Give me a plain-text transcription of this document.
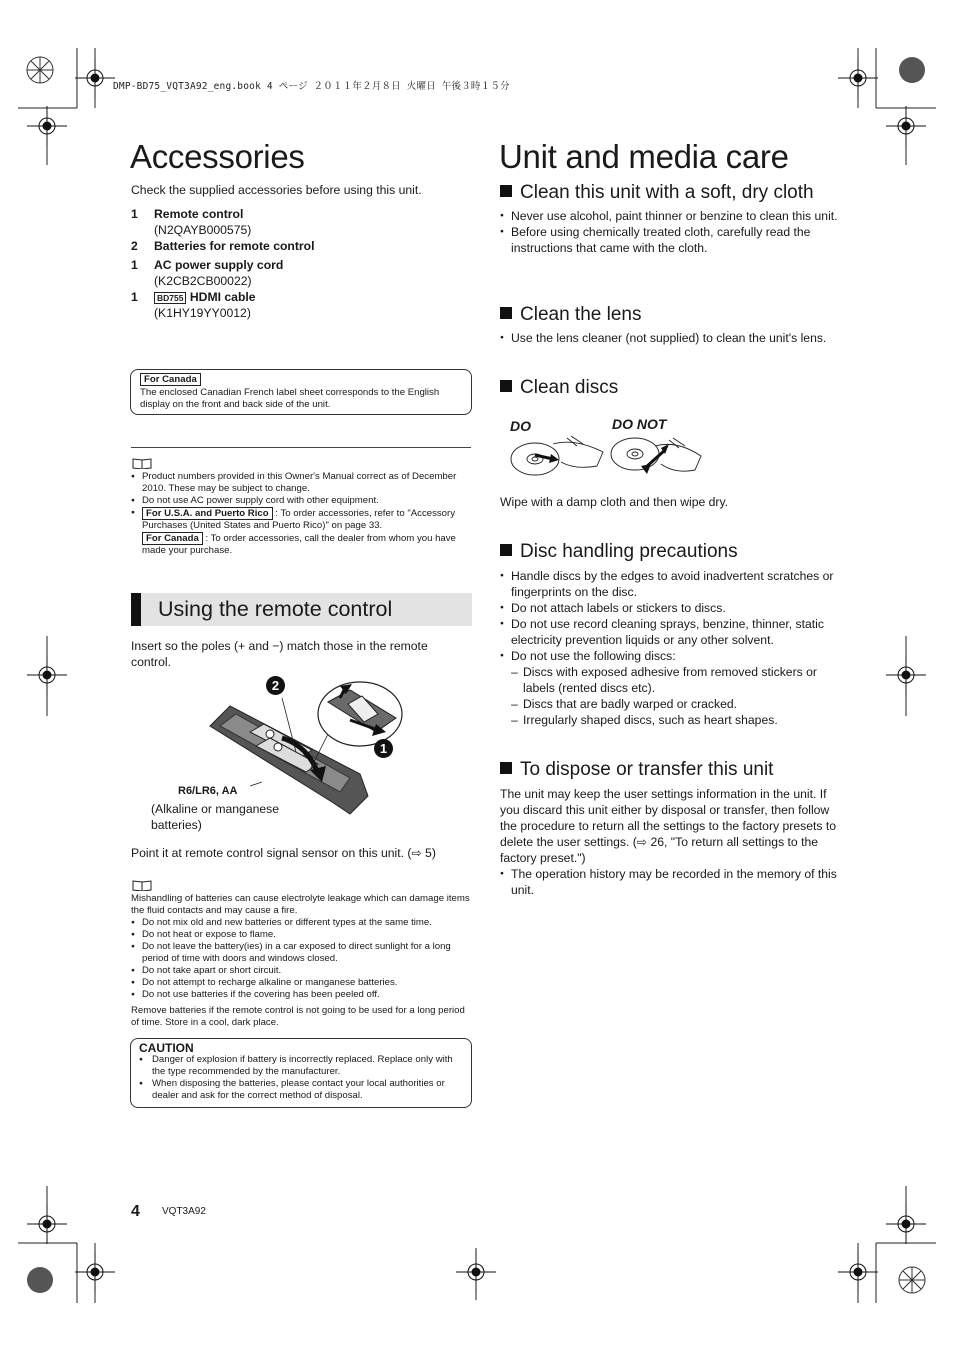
DMP-BD75_VQT3A92_eng.book 4 ページ ２０１１年２月８日 火曜日 午後３時１５分
Accessories
Check the supplied accessories before using this unit.
1	Remote control
(N2QAYB000575)
2	Batteries for remote control
1	AC power supply cord
(K2CB2CB00022)
1	BD755 HDMI cable
(K1HY19YY0012)
For Canada
The enclosed Canadian French label sheet corresponds to the English display on the front and back side of the unit.
● Product numbers provided in this Owner's Manual correct as of December 2010. These may be subject to change.
● Do not use AC power supply cord with other equipment.
● For U.S.A. and Puerto Rico : To order accessories, refer to "Accessory Purchases (United States and Puerto Rico)" on page 33.
For Canada : To order accessories, call the dealer from whom you have made your purchase.
Using the remote control
Insert so the poles (+ and −) match those in the remote control.
2
1
R6/LR6, AA
(Alkaline or manganese batteries)
Point it at remote control signal sensor on this unit. (⇨ 5)
Mishandling of batteries can cause electrolyte leakage which can damage items the fluid contacts and may cause a fire.
● Do not mix old and new batteries or different types at the same time.
● Do not heat or expose to flame.
● Do not leave the battery(ies) in a car exposed to direct sunlight for a long period of time with doors and windows closed.
● Do not take apart or short circuit.
● Do not attempt to recharge alkaline or manganese batteries.
● Do not use batteries if the covering has been peeled off.
Remove batteries if the remote control is not going to be used for a long period of time. Store in a cool, dark place.
CAUTION
● Danger of explosion if battery is incorrectly replaced. Replace only with the type recommended by the manufacturer.
● When disposing the batteries, please contact your local authorities or dealer and ask for the correct method of disposal.
Unit and media care
Clean this unit with a soft, dry cloth
● Never use alcohol, paint thinner or benzine to clean this unit.
● Before using chemically treated cloth, carefully read the instructions that came with the cloth.
Clean the lens
● Use the lens cleaner (not supplied) to clean the unit's lens.
Clean discs
DO	DO NOT
Wipe with a damp cloth and then wipe dry.
Disc handling precautions
● Handle discs by the edges to avoid inadvertent scratches or fingerprints on the disc.
● Do not attach labels or stickers to discs.
● Do not use record cleaning sprays, benzine, thinner, static electricity prevention liquids or any other solvent.
● Do not use the following discs:
– Discs with exposed adhesive from removed stickers or labels (rented discs etc).
– Discs that are badly warped or cracked.
– Irregularly shaped discs, such as heart shapes.
To dispose or transfer this unit
The unit may keep the user settings information in the unit. If you discard this unit either by disposal or transfer, then follow the procedure to return all the settings to the factory presets to delete the user settings. (⇨ 26, "To return all settings to the factory preset.")
● The operation history may be recorded in the memory of this unit.
4 VQT3A92
